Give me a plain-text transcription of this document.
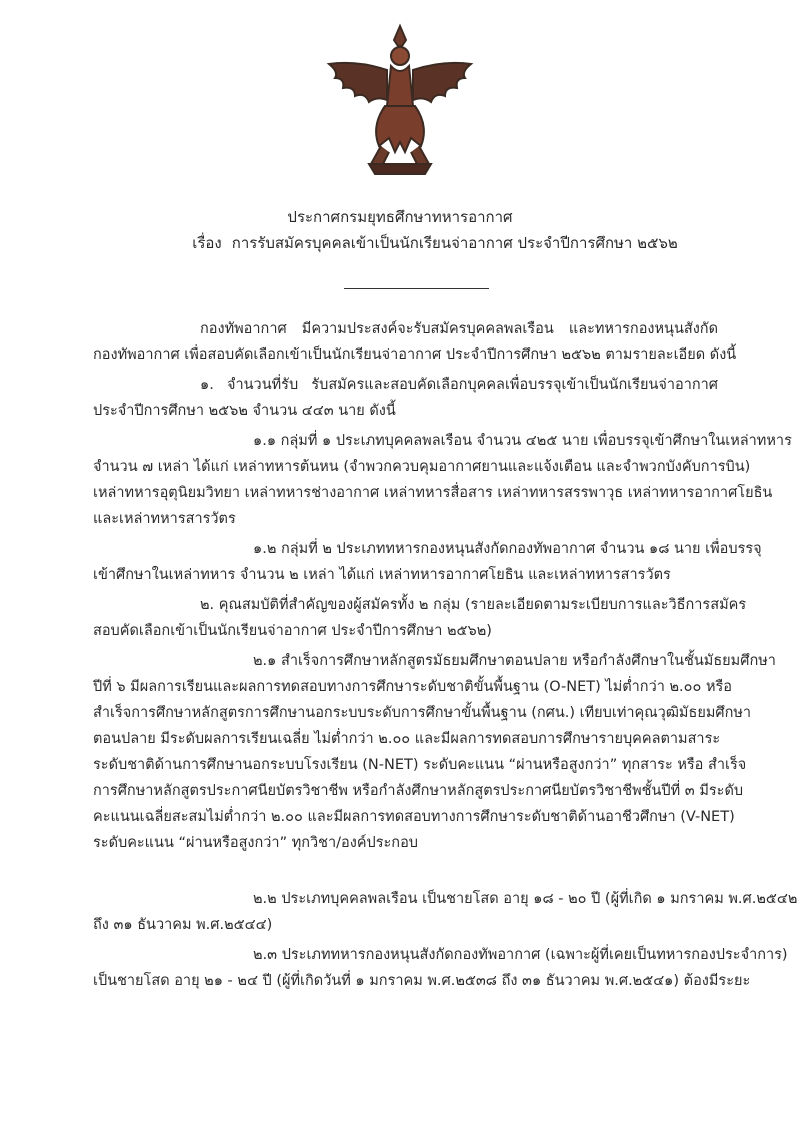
ประกาศกรมยุทธศึกษาทหารอากาศ
เรื่อง การรับสมัครบุคคลเข้าเป็นนักเรียนจ่าอากาศ ประจำปีการศึกษา ๒๕๖๒
กองทัพอากาศ มีความประสงค์จะรับสมัครบุคคลพลเรือน และทหารกองหนุนสังกัด
กองทัพอากาศ เพื่อสอบคัดเลือกเข้าเป็นนักเรียนจ่าอากาศ ประจำปีการศึกษา ๒๕๖๒ ตามรายละเอียด ดังนี้
๑. จำนวนที่รับ รับสมัครและสอบคัดเลือกบุคคลเพื่อบรรจุเข้าเป็นนักเรียนจ่าอากาศ
ประจำปีการศึกษา ๒๕๖๒ จำนวน ๔๔๓ นาย ดังนี้
๑.๑ กลุ่มที่ ๑ ประเภทบุคคลพลเรือน จำนวน ๔๒๕ นาย เพื่อบรรจุเข้าศึกษาในเหล่าทหาร
จำนวน ๗ เหล่า ได้แก่ เหล่าทหารต้นหน (จำพวกควบคุมอากาศยานและแจ้งเตือน และจำพวกบังคับการบิน)
เหล่าทหารอุตุนิยมวิทยา เหล่าทหารช่างอากาศ เหล่าทหารสื่อสาร เหล่าทหารสรรพาวุธ เหล่าทหารอากาศโยธิน
และเหล่าทหารสารวัตร
๑.๒ กลุ่มที่ ๒ ประเภททหารกองหนุนสังกัดกองทัพอากาศ จำนวน ๑๘ นาย เพื่อบรรจุ
เข้าศึกษาในเหล่าทหาร จำนวน ๒ เหล่า ได้แก่ เหล่าทหารอากาศโยธิน และเหล่าทหารสารวัตร
๒. คุณสมบัติที่สำคัญของผู้สมัครทั้ง ๒ กลุ่ม (รายละเอียดตามระเบียบการและวิธีการสมัคร
สอบคัดเลือกเข้าเป็นนักเรียนจ่าอากาศ ประจำปีการศึกษา ๒๕๖๒)
๒.๑ สำเร็จการศึกษาหลักสูตรมัธยมศึกษาตอนปลาย หรือกำลังศึกษาในชั้นมัธยมศึกษา
ปีที่ ๖ มีผลการเรียนและผลการทดสอบทางการศึกษาระดับชาติขั้นพื้นฐาน (O-NET) ไม่ต่ำกว่า ๒.๐๐ หรือ
สำเร็จการศึกษาหลักสูตรการศึกษานอกระบบระดับการศึกษาขั้นพื้นฐาน (กศน.) เทียบเท่าคุณวุฒิมัธยมศึกษา
ตอนปลาย มีระดับผลการเรียนเฉลี่ย ไม่ต่ำกว่า ๒.๐๐ และมีผลการทดสอบการศึกษารายบุคคลตามสาระ
ระดับชาติด้านการศึกษานอกระบบโรงเรียน (N-NET) ระดับคะแนน “ผ่านหรือสูงกว่า” ทุกสาระ หรือ สำเร็จ
การศึกษาหลักสูตรประกาศนียบัตรวิชาชีพ หรือกำลังศึกษาหลักสูตรประกาศนียบัตรวิชาชีพชั้นปีที่ ๓ มีระดับ
คะแนนเฉลี่ยสะสมไม่ต่ำกว่า ๒.๐๐ และมีผลการทดสอบทางการศึกษาระดับชาติด้านอาชีวศึกษา (V-NET)
ระดับคะแนน “ผ่านหรือสูงกว่า” ทุกวิชา/องค์ประกอบ
๒.๒ ประเภทบุคคลพลเรือน เป็นชายโสด อายุ ๑๘ - ๒๐ ปี (ผู้ที่เกิด ๑ มกราคม พ.ศ.๒๕๔๒
ถึง ๓๑ ธันวาคม พ.ศ.๒๕๔๔)
๒.๓ ประเภททหารกองหนุนสังกัดกองทัพอากาศ (เฉพาะผู้ที่เคยเป็นทหารกองประจำการ)
เป็นชายโสด อายุ ๒๑ - ๒๔ ปี (ผู้ที่เกิดวันที่ ๑ มกราคม พ.ศ.๒๕๓๘ ถึง ๓๑ ธันวาคม พ.ศ.๒๕๔๑) ต้องมีระยะ
